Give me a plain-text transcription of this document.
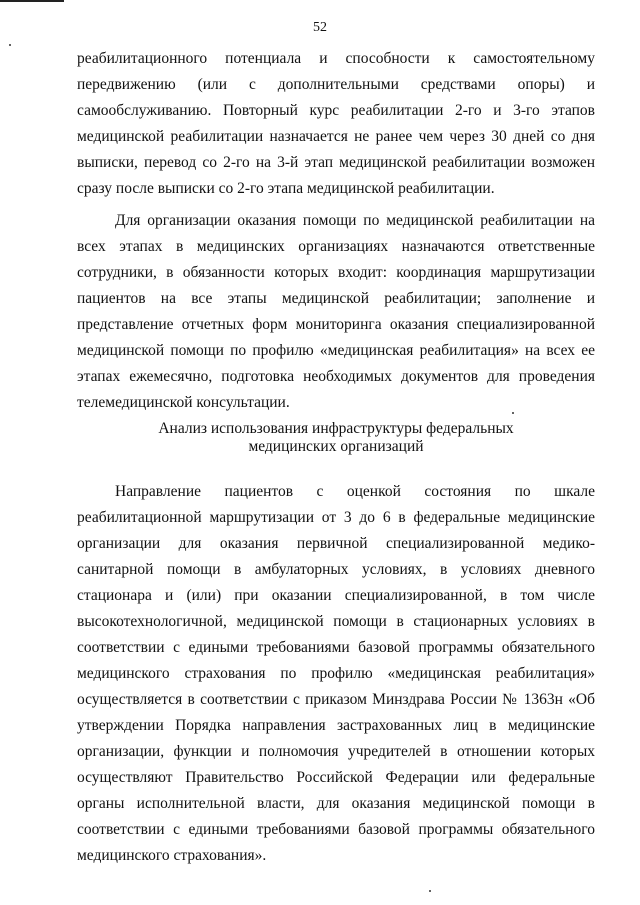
52

реабилитационного потенциала и способности к самостоятельному передвижению (или с дополнительными средствами опоры) и самообслуживанию. Повторный курс реабилитации 2-го и 3-го этапов медицинской реабилитации назначается не ранее чем через 30 дней со дня выписки, перевод со 2-го на 3-й этап медицинской реабилитации возможен сразу после выписки со 2-го этапа медицинской реабилитации.

Для организации оказания помощи по медицинской реабилитации на всех этапах в медицинских организациях назначаются ответственные сотрудники, в обязанности которых входит: координация маршрутизации пациентов на все этапы медицинской реабилитации; заполнение и представление отчетных форм мониторинга оказания специализированной медицинской помощи по профилю «медицинская реабилитация» на всех ее этапах ежемесячно, подготовка необходимых документов для проведения телемедицинской консультации.

Анализ использования инфраструктуры федеральных
медицинских организаций

Направление пациентов с оценкой состояния по шкале реабилитационной маршрутизации от 3 до 6 в федеральные медицинские организации для оказания первичной специализированной медико-санитарной помощи в амбулаторных условиях, в условиях дневного стационара и (или) при оказании специализированной, в том числе высокотехнологичной, медицинской помощи в стационарных условиях в соответствии с едиными требованиями базовой программы обязательного медицинского страхования по профилю «медицинская реабилитация» осуществляется в соответствии с приказом Минздрава России № 1363н «Об утверждении Порядка направления застрахованных лиц в медицинские организации, функции и полномочия учредителей в отношении которых осуществляют Правительство Российской Федерации или федеральные органы исполнительной власти, для оказания медицинской помощи в соответствии с едиными требованиями базовой программы обязательного медицинского страхования».
